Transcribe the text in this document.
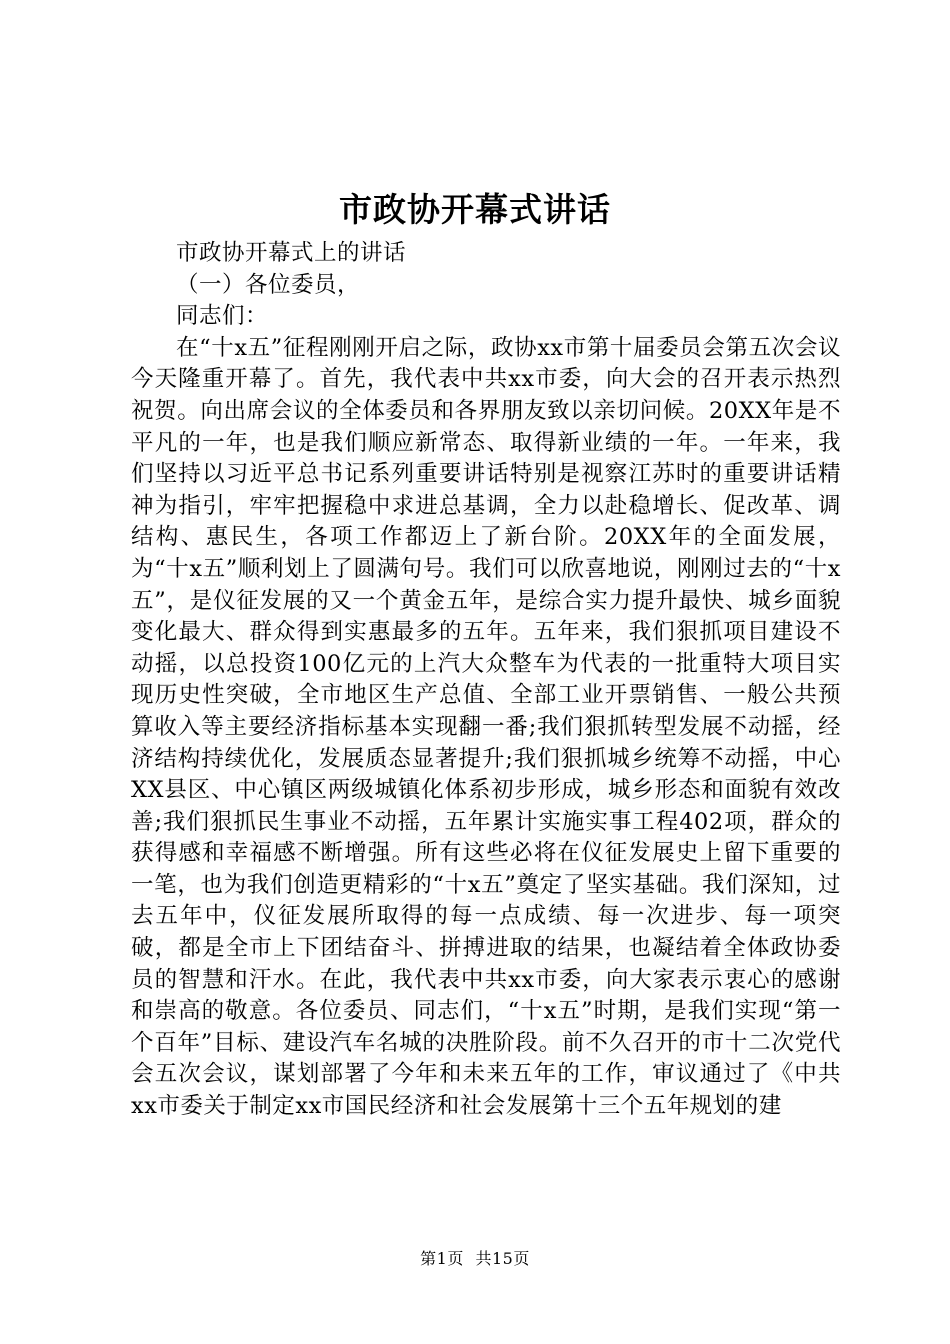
市政协开幕式讲话

市政协开幕式上的讲话

（一）各位委员，

同志们：

在“十x五”征程刚刚开启之际，政协xx市第十届委员会第五次会议今天隆重开幕了。首先，我代表中共xx市委，向大会的召开表示热烈祝贺。向出席会议的全体委员和各界朋友致以亲切问候。20XX年是不平凡的一年，也是我们顺应新常态、取得新业绩的一年。一年来，我们坚持以习近平总书记系列重要讲话特别是视察江苏时的重要讲话精神为指引，牢牢把握稳中求进总基调，全力以赴稳增长、促改革、调结构、惠民生，各项工作都迈上了新台阶。20XX年的全面发展，为“十x五”顺利划上了圆满句号。我们可以欣喜地说，刚刚过去的“十x五”，是仪征发展的又一个黄金五年，是综合实力提升最快、城乡面貌变化最大、群众得到实惠最多的五年。五年来，我们狠抓项目建设不动摇，以总投资100亿元的上汽大众整车为代表的一批重特大项目实现历史性突破，全市地区生产总值、全部工业开票销售、一般公共预算收入等主要经济指标基本实现翻一番;我们狠抓转型发展不动摇，经济结构持续优化，发展质态显著提升;我们狠抓城乡统筹不动摇，中心XX县区、中心镇区两级城镇化体系初步形成，城乡形态和面貌有效改善;我们狠抓民生事业不动摇，五年累计实施实事工程402项，群众的获得感和幸福感不断增强。所有这些必将在仪征发展史上留下重要的一笔，也为我们创造更精彩的“十x五”奠定了坚实基础。我们深知，过去五年中，仪征发展所取得的每一点成绩、每一次进步、每一项突破，都是全市上下团结奋斗、拼搏进取的结果，也凝结着全体政协委员的智慧和汗水。在此，我代表中共xx市委，向大家表示衷心的感谢和崇高的敬意。各位委员、同志们，“十x五”时期，是我们实现“第一个百年”目标、建设汽车名城的决胜阶段。前不久召开的市十二次党代会五次会议，谋划部署了今年和未来五年的工作，审议通过了《中共xx市委关于制定xx市国民经济和社会发展第十三个五年规划的建

第1页 共15页
